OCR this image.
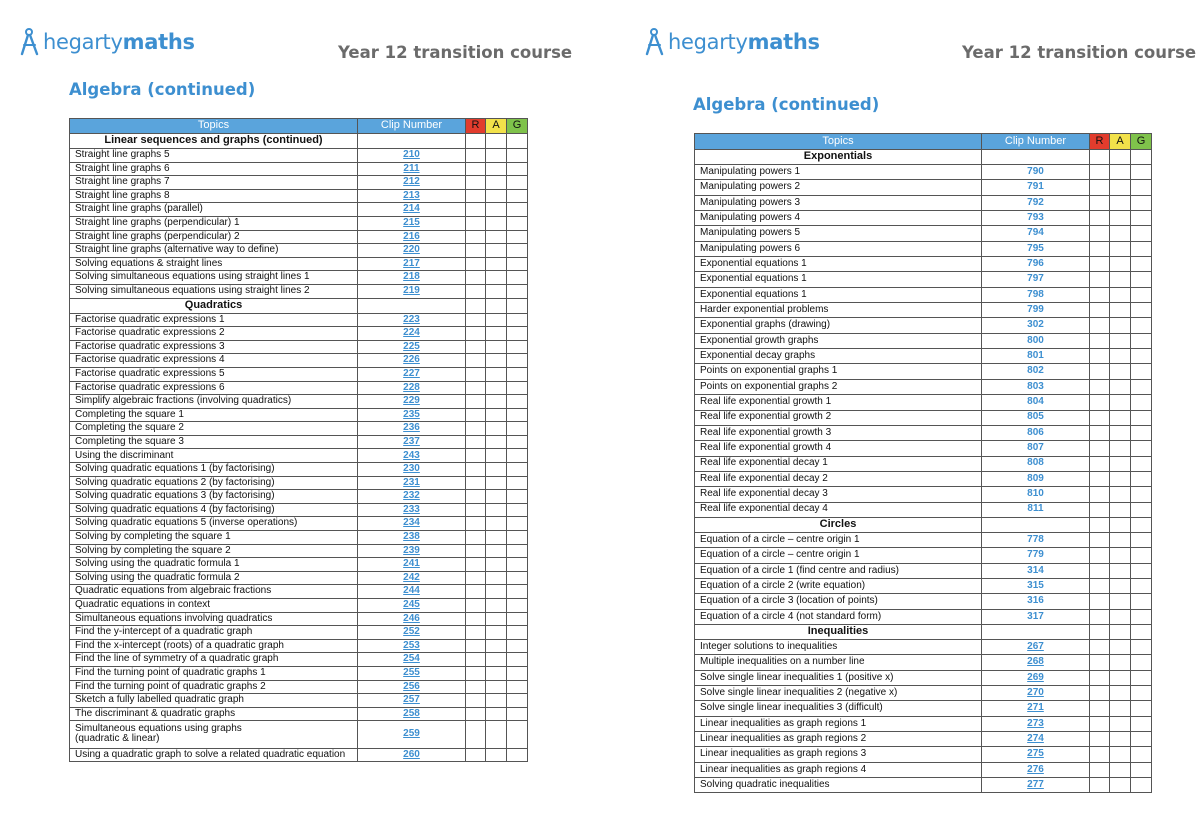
hegartymaths	Year 12 transition course
Algebra (continued)
Topics	Clip Number	R	A	G
Linear sequences and graphs (continued)				
Straight line graphs 5	210			
Straight line graphs 6	211			
Straight line graphs 7	212			
Straight line graphs 8	213			
Straight line graphs (parallel)	214			
Straight line graphs (perpendicular) 1	215			
Straight line graphs (perpendicular) 2	216			
Straight line graphs (alternative way to define)	220			
Solving equations & straight lines	217			
Solving simultaneous equations using straight lines 1	218			
Solving simultaneous equations using straight lines 2	219			
Quadratics				
Factorise quadratic expressions 1	223			
Factorise quadratic expressions 2	224			
Factorise quadratic expressions 3	225			
Factorise quadratic expressions 4	226			
Factorise quadratic expressions 5	227			
Factorise quadratic expressions 6	228			
Simplify algebraic fractions (involving quadratics)	229			
Completing the square 1	235			
Completing the square 2	236			
Completing the square 3	237			
Using the discriminant	243			
Solving quadratic equations 1 (by factorising)	230			
Solving quadratic equations 2 (by factorising)	231			
Solving quadratic equations 3 (by factorising)	232			
Solving quadratic equations 4 (by factorising)	233			
Solving quadratic equations 5 (inverse operations)	234			
Solving by completing the square 1	238			
Solving by completing the square 2	239			
Solving using the quadratic formula 1	241			
Solving using the quadratic formula 2	242			
Quadratic equations from algebraic fractions	244			
Quadratic equations in context	245			
Simultaneous equations involving quadratics	246			
Find the y-intercept of a quadratic graph	252			
Find the x-intercept (roots) of a quadratic graph	253			
Find the line of symmetry of a quadratic graph	254			
Find the turning point of quadratic graphs 1	255			
Find the turning point of quadratic graphs 2	256			
Sketch a fully labelled quadratic graph	257			
The discriminant & quadratic graphs	258			

Simultaneous equations using graphs
(quadratic & linear)	259			
Using a quadratic graph to solve a related quadratic equation	260			
hegartymaths	Year 12 transition course
Algebra (continued)
Topics	Clip Number	R	A	G
Exponentials				
Manipulating powers 1	790			
Manipulating powers 2	791			
Manipulating powers 3	792			
Manipulating powers 4	793			
Manipulating powers 5	794			
Manipulating powers 6	795			
Exponential equations 1	796			
Exponential equations 1	797			
Exponential equations 1	798			
Harder exponential problems	799			
Exponential graphs (drawing)	302			
Exponential growth graphs	800			
Exponential decay graphs	801			
Points on exponential graphs 1	802			
Points on exponential graphs 2	803			
Real life exponential growth 1	804			
Real life exponential growth 2	805			
Real life exponential growth 3	806			
Real life exponential growth 4	807			
Real life exponential decay 1	808			
Real life exponential decay 2	809			
Real life exponential decay 3	810			
Real life exponential decay 4	811			
Circles				
Equation of a circle – centre origin 1	778			
Equation of a circle – centre origin 1	779			
Equation of a circle 1 (find centre and radius)	314			
Equation of a circle 2 (write equation)	315			
Equation of a circle 3 (location of points)	316			
Equation of a circle 4 (not standard form)	317			
Inequalities				
Integer solutions to inequalities	267			
Multiple inequalities on a number line	268			
Solve single linear inequalities 1 (positive x)	269			
Solve single linear inequalities 2 (negative x)	270			
Solve single linear inequalities 3 (difficult)	271			
Linear inequalities as graph regions 1	273			
Linear inequalities as graph regions 2	274			
Linear inequalities as graph regions 3	275			
Linear inequalities as graph regions 4	276			
Solving quadratic inequalities	277			
